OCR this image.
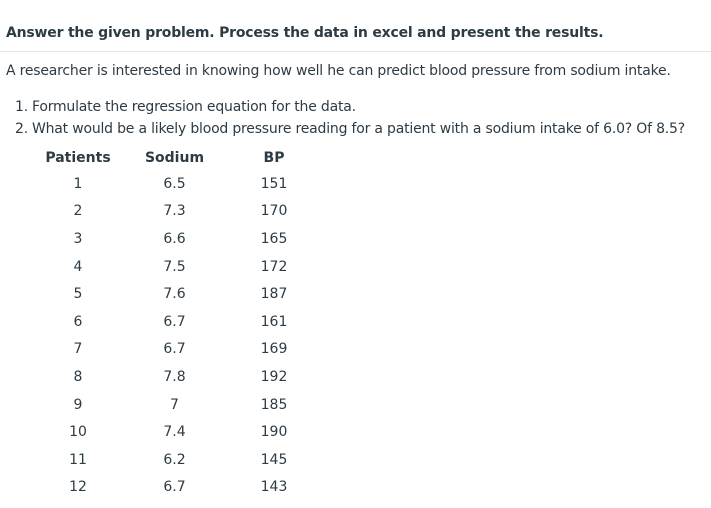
Answer the given problem. Process the data in excel and present the results.
A researcher is interested in knowing how well he can predict blood pressure from sodium intake.
1. Formulate the regression equation for the data.
2. What would be a likely blood pressure reading for a patient with a sodium intake of 6.0? Of 8.5?
Patients	Sodium	BP
1	6.5	151
2	7.3	170
3	6.6	165
4	7.5	172
5	7.6	187
6	6.7	161
7	6.7	169
8	7.8	192
9	7	185
10	7.4	190
11	6.2	145
12	6.7	143
